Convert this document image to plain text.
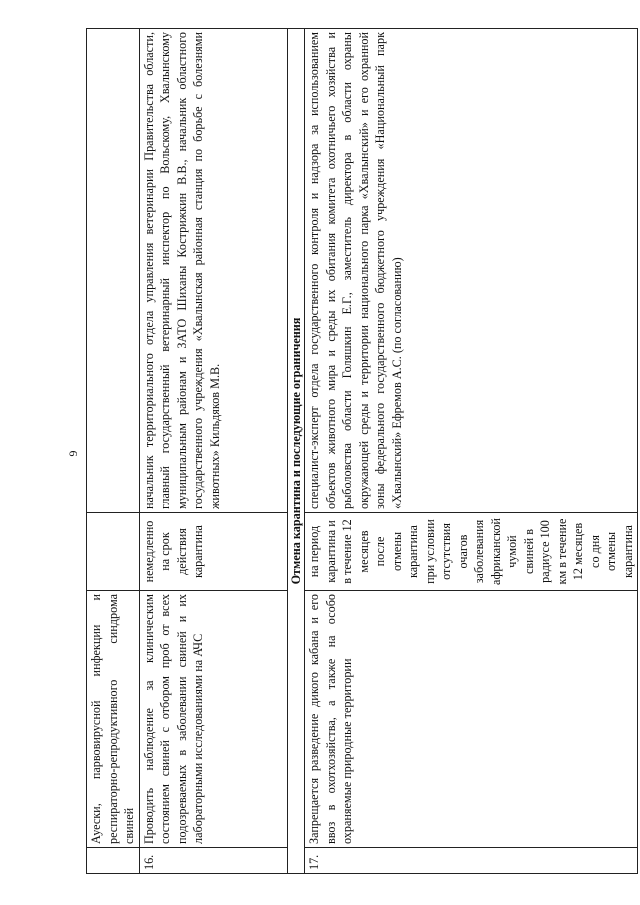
6
	Ауески, парвовирусной инфекции и респираторно-репродуктивного синдрома свиней		
16.	Проводить наблюдение за клиническим состоянием свиней с отбором проб от всех подозреваемых в заболевании свиней и их лабораторными исследованиями на АЧС	немедленно на срок действия карантина	начальник территориального отдела управления ветеринарии Правительства области, главный государственный ветеринарный инспектор по Вольскому, Хвалынскому муниципальным районам и ЗАТО Шиханы Кострижкин В.В., начальник областного государственного учреждения «Хвалынская районная станция по борьбе с болезнями животных» Кильдяков М.В.
Отмена карантина и последующие ограничения			
17.	Запрещается разведение дикого кабана и его ввоз в охотхозяйства, а также на особо охраняемые природные территории	на период карантина и в течение 12 месяцев после отмены карантина при условии отсутствия очагов заболевания африканской чумой свиней в радиусе 100 км в течение 12 месяцев со дня отмены карантина	специалист-эксперт отдела государственного контроля и надзора за использованием объектов животного мира и среды их обитания комитета охотничьего хозяйства и рыболовства области Голяшкин Е.Г., заместитель директора в области охраны окружающей среды и территории национального парка «Хвалынский» и его охранной зоны федерального государственного бюджетного учреждения «Национальный парк «Хвалынский» Ефремов А.С. (по согласованию)
